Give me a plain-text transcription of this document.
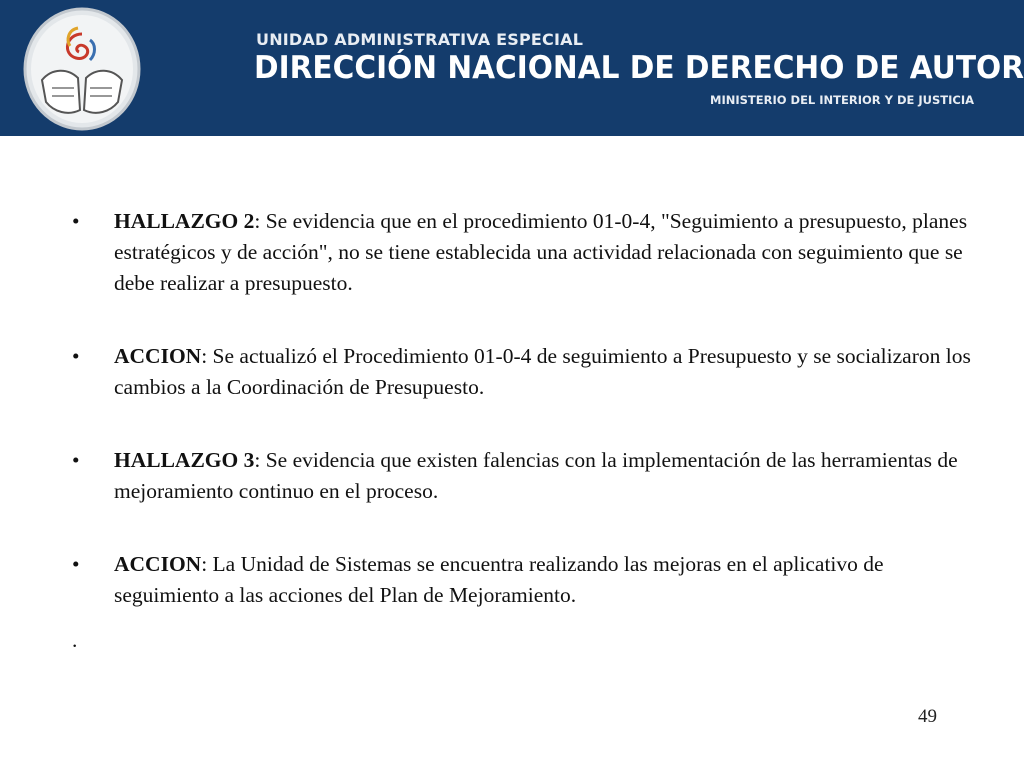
UNIDAD ADMINISTRATIVA ESPECIAL
DIRECCIÓN NACIONAL DE DERECHO DE AUTOR
MINISTERIO DEL INTERIOR Y DE JUSTICIA
• HALLAZGO 2: Se evidencia que en el procedimiento 01-0-4, "Seguimiento a presupuesto, planes estratégicos y de acción", no se tiene establecida una actividad relacionada con seguimiento que se debe realizar a presupuesto.
• ACCION: Se actualizó el Procedimiento 01-0-4 de seguimiento a Presupuesto y se socializaron los cambios a la Coordinación de Presupuesto.
• HALLAZGO 3: Se evidencia que existen falencias con la implementación de las herramientas de mejoramiento continuo en el proceso.
• ACCION: La Unidad de Sistemas se encuentra realizando las mejoras en el aplicativo de seguimiento a las acciones del Plan de Mejoramiento.
.
49
